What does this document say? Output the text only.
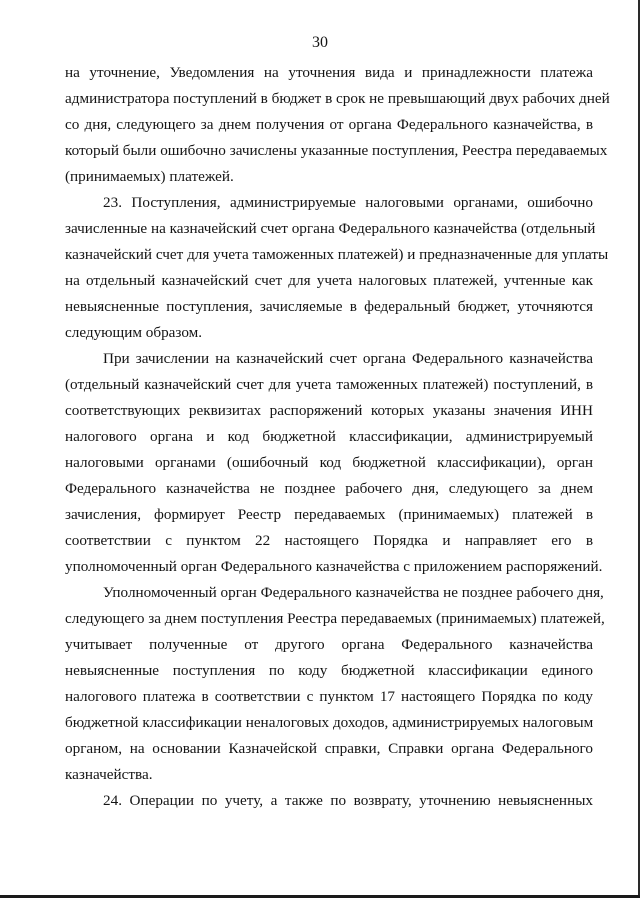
30
на уточнение, Уведомления на уточнения вида и принадлежности платежа
администратора поступлений в бюджет в срок не превышающий двух рабочих дней
со дня, следующего за днем получения от органа Федерального казначейства, в
который были ошибочно зачислены указанные поступления, Реестра передаваемых
(принимаемых) платежей.
23. Поступления, администрируемые налоговыми органами, ошибочно
зачисленные на казначейский счет органа Федерального казначейства (отдельный
казначейский счет для учета таможенных платежей) и предназначенные для уплаты
на отдельный казначейский счет для учета налоговых платежей, учтенные как
невыясненные поступления, зачисляемые в федеральный бюджет, уточняются
следующим образом.
При зачислении на казначейский счет органа Федерального казначейства
(отдельный казначейский счет для учета таможенных платежей) поступлений, в
соответствующих реквизитах распоряжений которых указаны значения ИНН
налогового органа и код бюджетной классификации, администрируемый
налоговыми органами (ошибочный код бюджетной классификации), орган
Федерального казначейства не позднее рабочего дня, следующего за днем
зачисления, формирует Реестр передаваемых (принимаемых) платежей в
соответствии с пунктом 22 настоящего Порядка и направляет его в
уполномоченный орган Федерального казначейства с приложением распоряжений.
Уполномоченный орган Федерального казначейства не позднее рабочего дня,
следующего за днем поступления Реестра передаваемых (принимаемых) платежей,
учитывает полученные от другого органа Федерального казначейства
невыясненные поступления по коду бюджетной классификации единого
налогового платежа в соответствии с пунктом 17 настоящего Порядка по коду
бюджетной классификации неналоговых доходов, администрируемых налоговым
органом, на основании Казначейской справки, Справки органа Федерального
казначейства.
24. Операции по учету, а также по возврату, уточнению невыясненных
